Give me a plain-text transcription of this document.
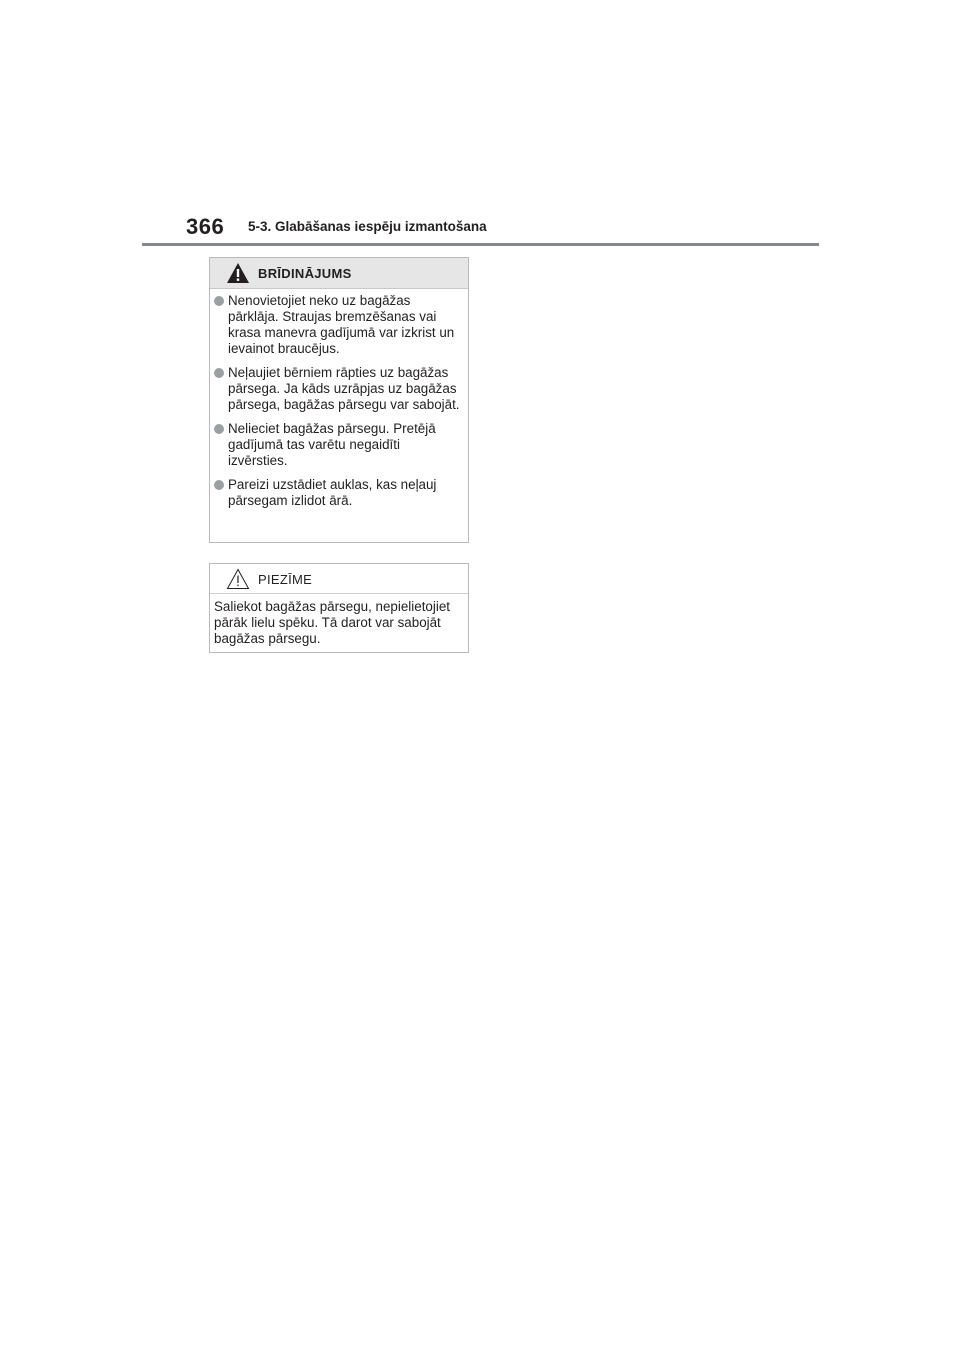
366 5-3. Glabāšanas iespēju izmantošana
BRĪDINĀJUMS
Nenovietojiet neko uz bagāžas pārklāja. Straujas bremzēšanas vai krasa manevra gadījumā var izkrist un ievainot braucējus.
Neļaujiet bērniem rāpties uz bagāžas pārsega. Ja kāds uzrāpjas uz bagāžas pārsega, bagāžas pārsegu var sabojāt.
Nelieciet bagāžas pārsegu. Pretējā gadījumā tas varētu negaidīti izvērsties.
Pareizi uzstādiet auklas, kas neļauj pārsegam izlidot ārā.
PIEZĪME
Saliekot bagāžas pārsegu, nepielietojiet pārāk lielu spēku. Tā darot var sabojāt bagāžas pārsegu.
